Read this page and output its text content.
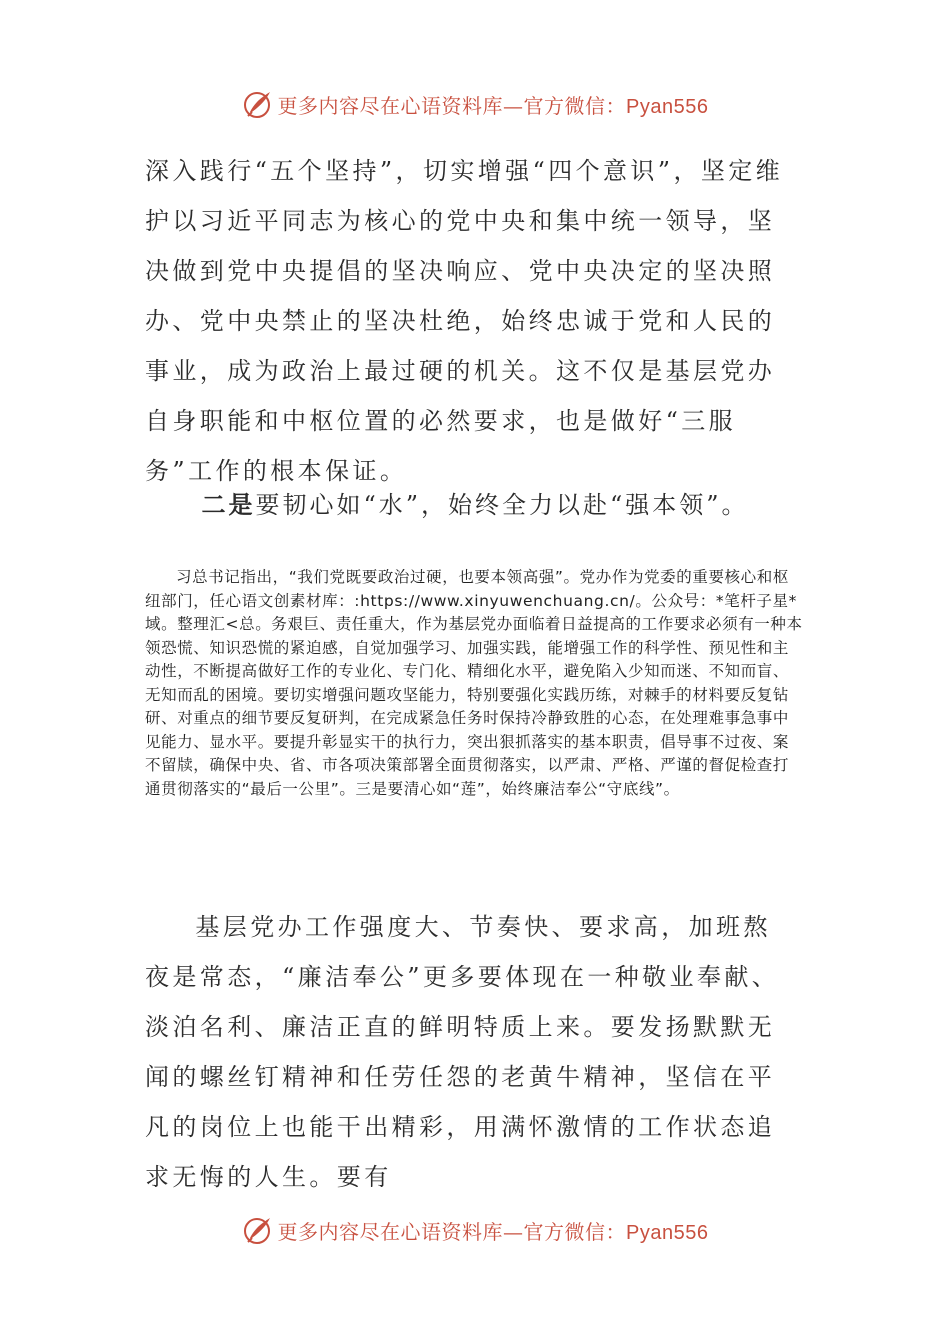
更多内容尽在心语资料库—官方微信：Pyan556

深入践行“五个坚持”，切实增强“四个意识”，坚定维护以习近平同志为核心的党中央和集中统一领导，坚决做到党中央提倡的坚决响应、党中央决定的坚决照办、党中央禁止的坚决杜绝，始终忠诚于党和人民的事业，成为政治上最过硬的机关。这不仅是基层党办自身职能和中枢位置的必然要求，也是做好“三服务”工作的根本保证。

二是要韧心如“水”，始终全力以赴“强本领”。

习总书记指出，“我们党既要政治过硬，也要本领高强”。党办作为党委的重要核心和枢纽部门，任心语文创素材库：:https://www.xinyuwenchuang.cn/。公众号：*笔杆子星*域。整理汇<总。务艰巨、责任重大，作为基层党办面临着日益提高的工作要求必须有一种本领恐慌、知识恐慌的紧迫感，自觉加强学习、加强实践，能增强工作的科学性、预见性和主动性，不断提高做好工作的专业化、专门化、精细化水平，避免陷入少知而迷、不知而盲、无知而乱的困境。要切实增强问题攻坚能力，特别要强化实践历练，对棘手的材料要反复钻研、对重点的细节要反复研判，在完成紧急任务时保持冷静致胜的心态，在处理难事急事中见能力、显水平。要提升彰显实干的执行力，突出狠抓落实的基本职责，倡导事不过夜、案不留牍，确保中央、省、市各项决策部署全面贯彻落实，以严肃、严格、严谨的督促检查打通贯彻落实的“最后一公里”。三是要清心如“莲”，始终廉洁奉公“守底线”。

基层党办工作强度大、节奏快、要求高，加班熬夜是常态，“廉洁奉公”更多要体现在一种敬业奉献、淡泊名利、廉洁正直的鲜明特质上来。要发扬默默无闻的螺丝钉精神和任劳任怨的老黄牛精神，坚信在平凡的岗位上也能干出精彩，用满怀激情的工作状态追求无悔的人生。要有

更多内容尽在心语资料库—官方微信：Pyan556
